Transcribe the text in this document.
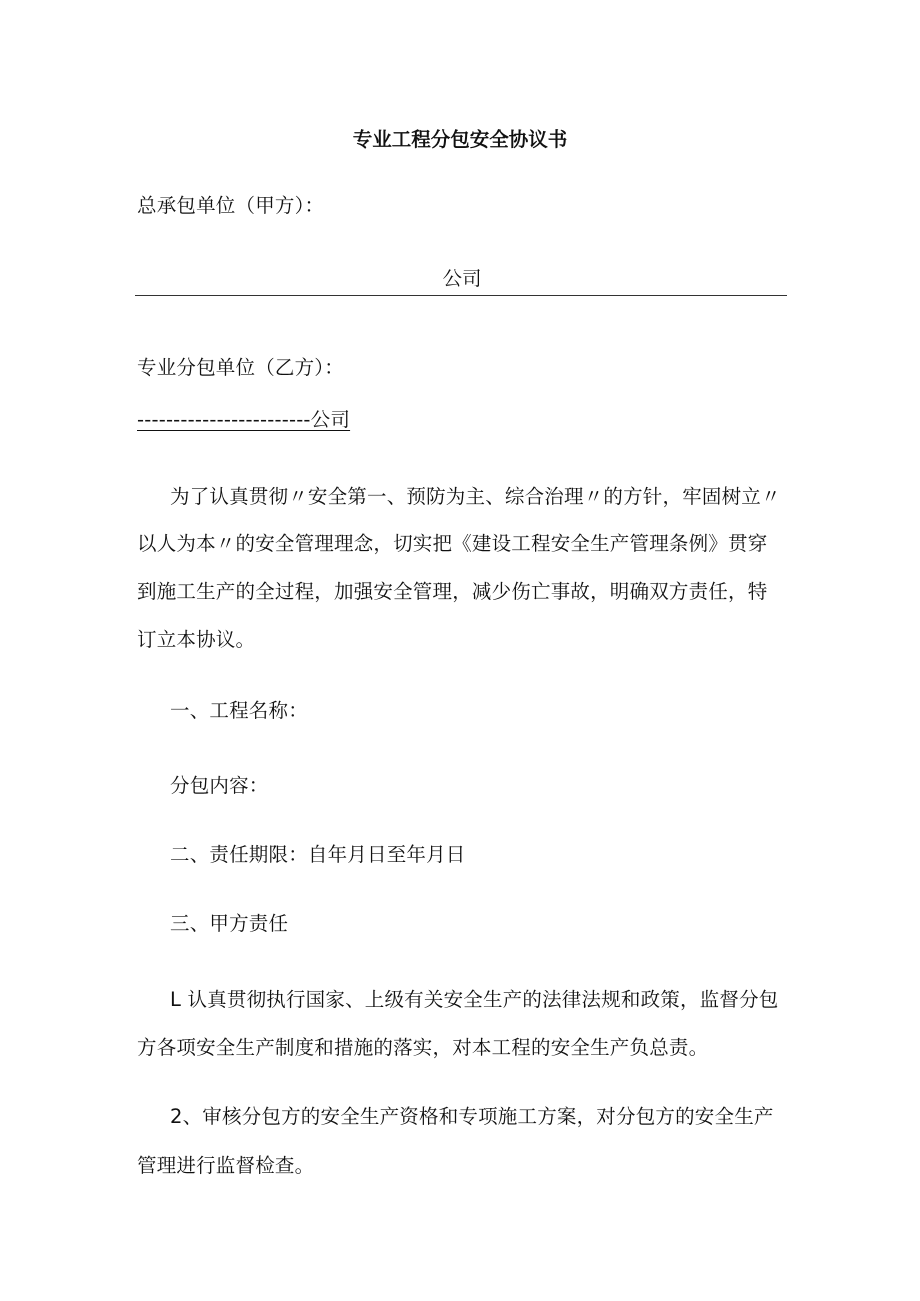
专业工程分包安全协议书
总承包单位（甲方）：
公司
专业分包单位（乙方）：
------------------------公司
为了认真贯彻〃安全第一、预防为主、综合治理〃的方针，牢固树立〃
以人为本〃的安全管理理念，切实把《建设工程安全生产管理条例》贯穿
到施工生产的全过程，加强安全管理，减少伤亡事故，明确双方责任，特
订立本协议。
一、工程名称：
分包内容：
二、责任期限：自年月日至年月日
三、甲方责任
L 认真贯彻执行国家、上级有关安全生产的法律法规和政策，监督分包
方各项安全生产制度和措施的落实，对本工程的安全生产负总责。
2、审核分包方的安全生产资格和专项施工方案，对分包方的安全生产
管理进行监督检查。
